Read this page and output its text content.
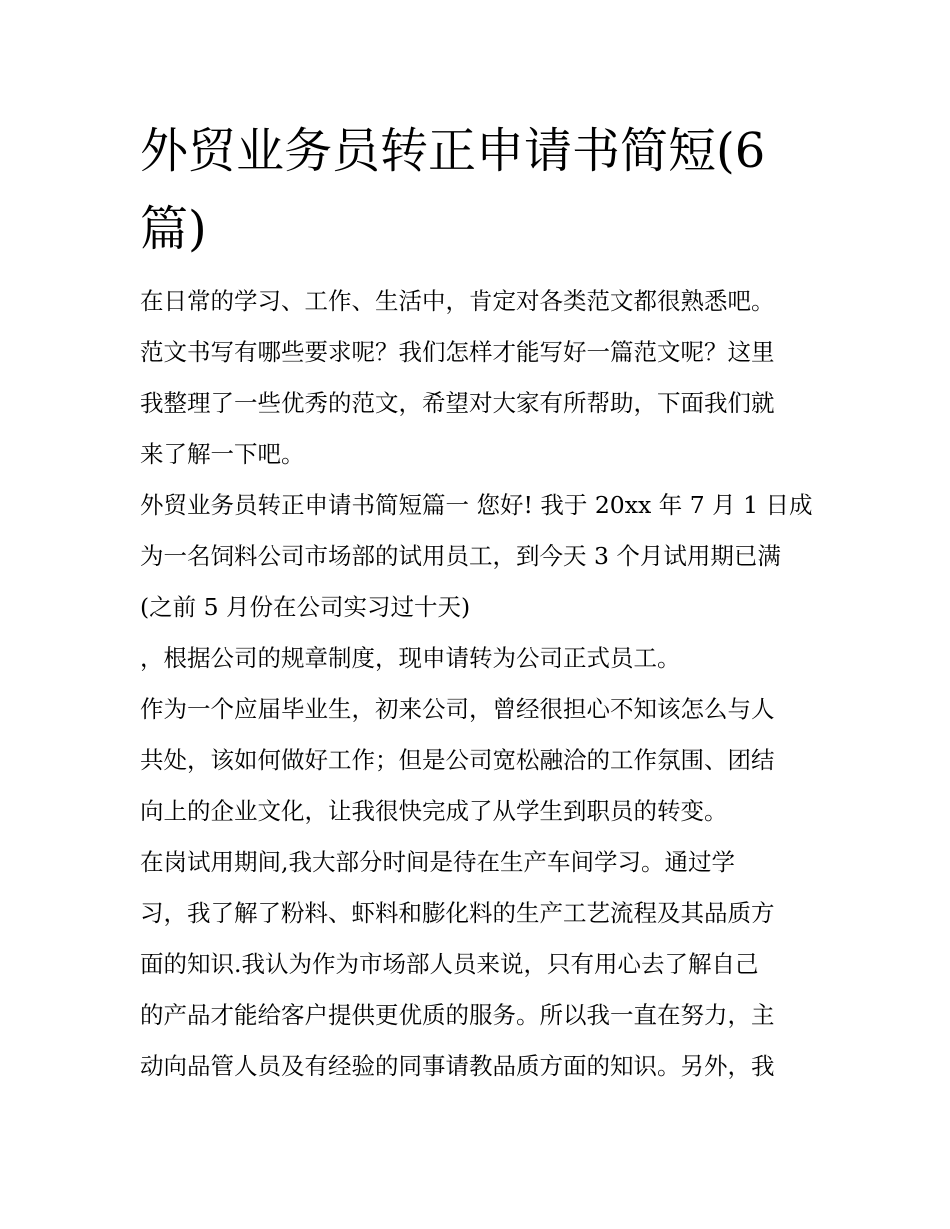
外贸业务员转正申请书简短(6
篇)
在日常的学习、工作、生活中，肯定对各类范文都很熟悉吧。
范文书写有哪些要求呢？我们怎样才能写好一篇范文呢？这里
我整理了一些优秀的范文，希望对大家有所帮助，下面我们就
来了解一下吧。
外贸业务员转正申请书简短篇一 您好! 我于 20xx 年 7 月 1 日成
为一名饲料公司市场部的试用员工，到今天 3 个月试用期已满
(之前 5 月份在公司实习过十天)
，根据公司的规章制度，现申请转为公司正式员工。
作为一个应届毕业生，初来公司，曾经很担心不知该怎么与人
共处，该如何做好工作；但是公司宽松融洽的工作氛围、团结
向上的企业文化，让我很快完成了从学生到职员的转变。
在岗试用期间,我大部分时间是待在生产车间学习。通过学
习，我了解了粉料、虾料和膨化料的生产工艺流程及其品质方
面的知识.我认为作为市场部人员来说，只有用心去了解自己
的产品才能给客户提供更优质的服务。所以我一直在努力，主
动向品管人员及有经验的同事请教品质方面的知识。另外，我
